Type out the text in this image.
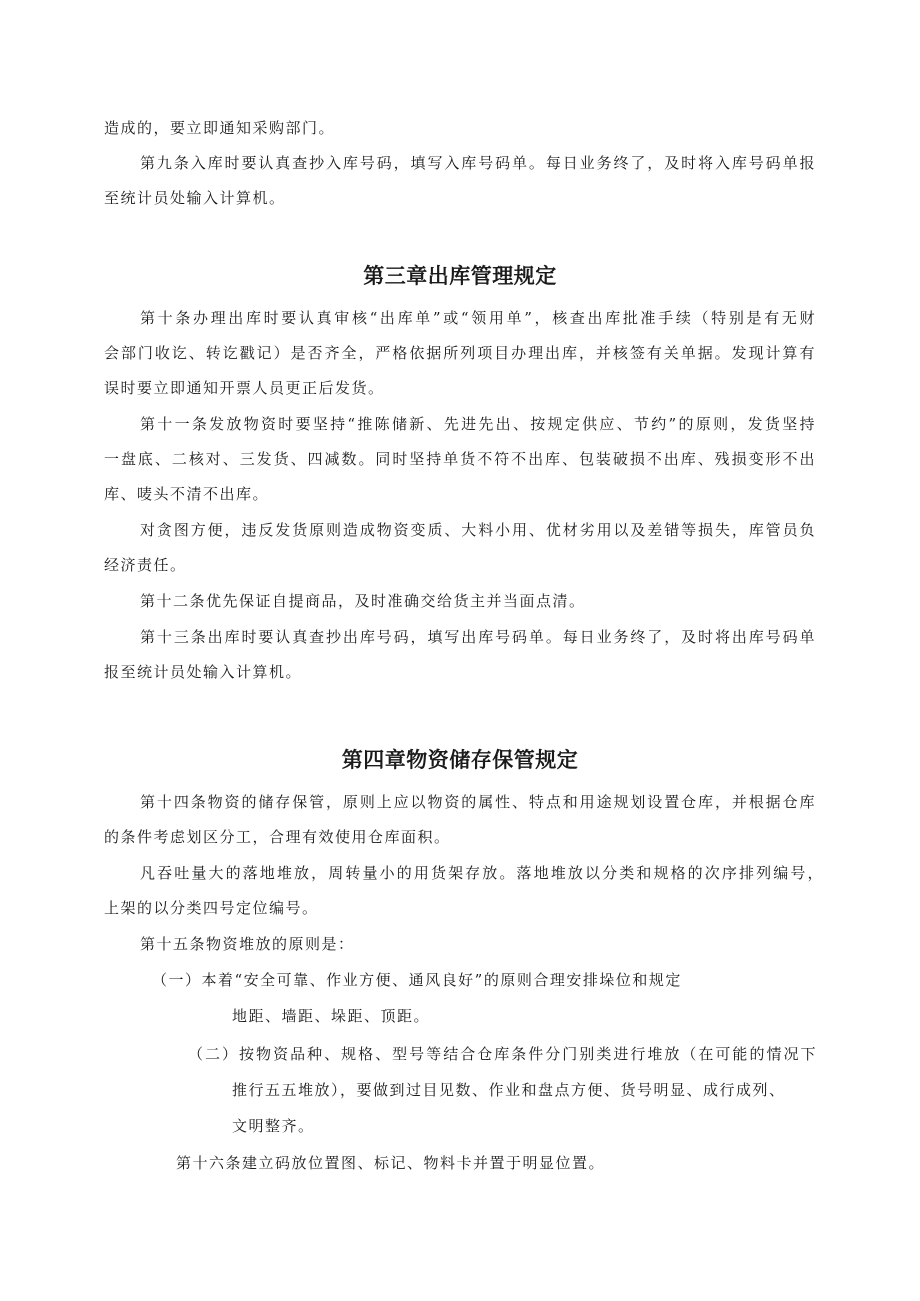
造成的，要立即通知采购部门。
第九条入库时要认真查抄入库号码，填写入库号码单。每日业务终了，及时将入库号码单报
至统计员处输入计算机。
第三章出库管理规定
第十条办理出库时要认真审核“出库单”或“领用单”，核查出库批准手续（特别是有无财
会部门收讫、转讫戳记）是否齐全，严格依据所列项目办理出库，并核签有关单据。发现计算有
误时要立即通知开票人员更正后发货。
第十一条发放物资时要坚持“推陈储新、先进先出、按规定供应、节约”的原则，发货坚持
一盘底、二核对、三发货、四减数。同时坚持单货不符不出库、包装破损不出库、残损变形不出
库、唛头不清不出库。
对贪图方便，违反发货原则造成物资变质、大料小用、优材劣用以及差错等损失，库管员负
经济责任。
第十二条优先保证自提商品，及时准确交给货主并当面点清。
第十三条出库时要认真查抄出库号码，填写出库号码单。每日业务终了，及时将出库号码单
报至统计员处输入计算机。
第四章物资储存保管规定
第十四条物资的储存保管，原则上应以物资的属性、特点和用途规划设置仓库，并根据仓库
的条件考虑划区分工，合理有效使用仓库面积。
凡吞吐量大的落地堆放，周转量小的用货架存放。落地堆放以分类和规格的次序排列编号，
上架的以分类四号定位编号。
第十五条物资堆放的原则是：
（一）本着“安全可靠、作业方便、通风良好”的原则合理安排垛位和规定
地距、墙距、垛距、顶距。
（二）按物资品种、规格、型号等结合仓库条件分门别类进行堆放（在可能的情况下
推行五五堆放），要做到过目见数、作业和盘点方便、货号明显、成行成列、
文明整齐。
第十六条建立码放位置图、标记、物料卡并置于明显位置。
